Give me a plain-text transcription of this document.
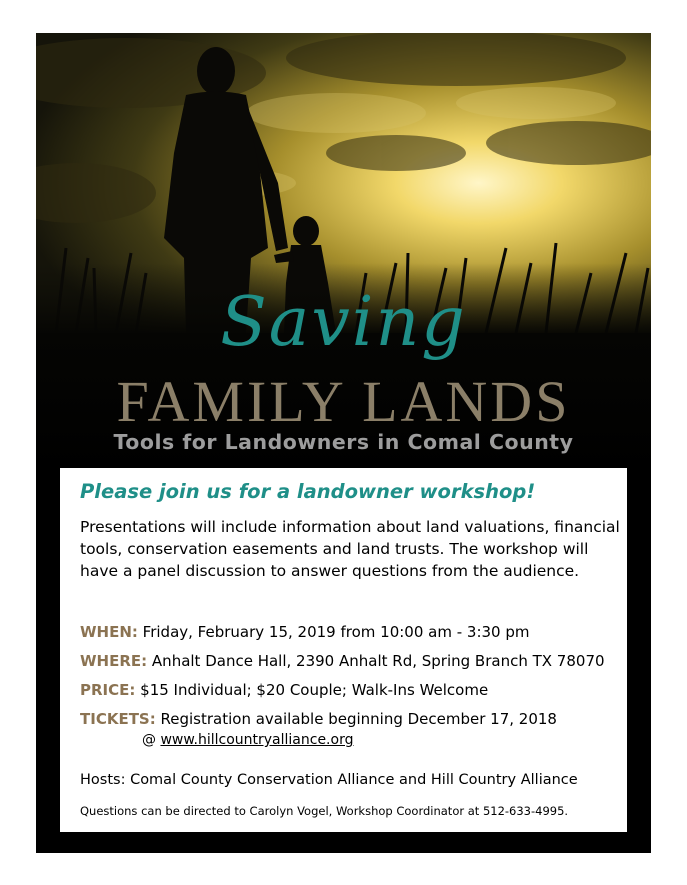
Saving
FAMILY LANDS
Tools for Landowners in Comal County
Please join us for a landowner workshop!
Presentations will include information about land valuations, financial tools, conservation easements and land trusts. The workshop will have a panel discussion to answer questions from the audience.
WHEN: Friday, February 15, 2019 from 10:00 am - 3:30 pm
WHERE: Anhalt Dance Hall, 2390 Anhalt Rd, Spring Branch TX 78070
PRICE: $15 Individual; $20 Couple; Walk-Ins Welcome
TICKETS: Registration available beginning December 17, 2018
@ www.hillcountryalliance.org
Hosts: Comal County Conservation Alliance and Hill Country Alliance
Questions can be directed to Carolyn Vogel, Workshop Coordinator at 512-633-4995.
